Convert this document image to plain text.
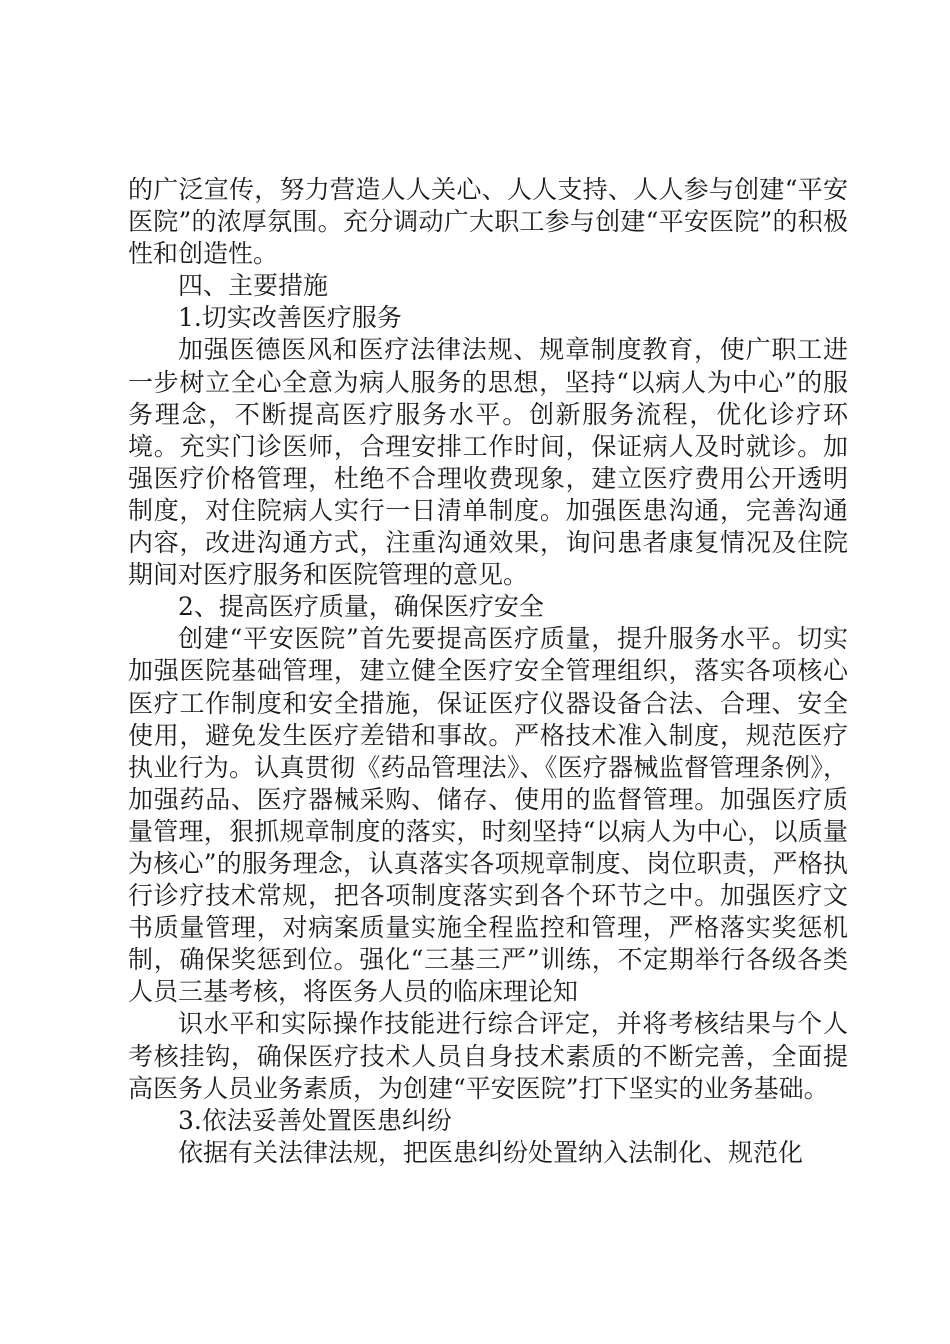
的广泛宣传，努力营造人人关心、人人支持、人人参与创建“平安医院”的浓厚氛围。充分调动广大职工参与创建“平安医院”的积极性和创造性。

四、主要措施

1.切实改善医疗服务

加强医德医风和医疗法律法规、规章制度教育，使广职工进一步树立全心全意为病人服务的思想，坚持“以病人为中心”的服务理念，不断提高医疗服务水平。创新服务流程，优化诊疗环境。充实门诊医师，合理安排工作时间，保证病人及时就诊。加强医疗价格管理，杜绝不合理收费现象，建立医疗费用公开透明制度，对住院病人实行一日清单制度。加强医患沟通，完善沟通内容，改进沟通方式，注重沟通效果，询问患者康复情况及住院期间对医疗服务和医院管理的意见。

2、提高医疗质量，确保医疗安全

创建“平安医院”首先要提高医疗质量，提升服务水平。切实加强医院基础管理，建立健全医疗安全管理组织，落实各项核心医疗工作制度和安全措施，保证医疗仪器设备合法、合理、安全使用，避免发生医疗差错和事故。严格技术准入制度，规范医疗执业行为。认真贯彻《药品管理法》、《医疗器械监督管理条例》，加强药品、医疗器械采购、储存、使用的监督管理。加强医疗质量管理，狠抓规章制度的落实，时刻坚持“以病人为中心，以质量为核心”的服务理念，认真落实各项规章制度、岗位职责，严格执行诊疗技术常规，把各项制度落实到各个环节之中。加强医疗文书质量管理，对病案质量实施全程监控和管理，严格落实奖惩机制，确保奖惩到位。强化“三基三严”训练，不定期举行各级各类人员三基考核，将医务人员的临床理论知

识水平和实际操作技能进行综合评定，并将考核结果与个人考核挂钩，确保医疗技术人员自身技术素质的不断完善，全面提高医务人员业务素质，为创建“平安医院”打下坚实的业务基础。

3.依法妥善处置医患纠纷

依据有关法律法规，把医患纠纷处置纳入法制化、规范化
